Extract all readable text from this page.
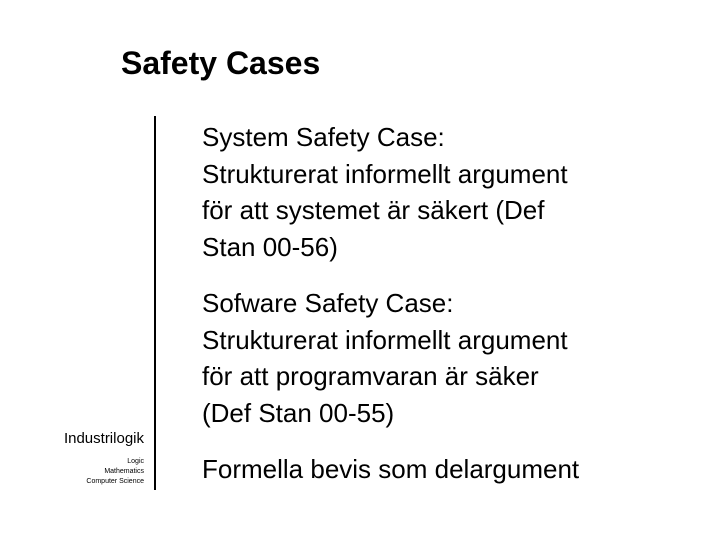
Safety Cases

System Safety Case:
Strukturerat informellt argument
för att systemet är säkert (Def
Stan 00-56)

Sofware Safety Case:
Strukturerat informellt argument
för att programvaran är säker
(Def Stan 00-55)

Formella bevis som delargument

Industrilogik
Logic
Mathematics
Computer Science
